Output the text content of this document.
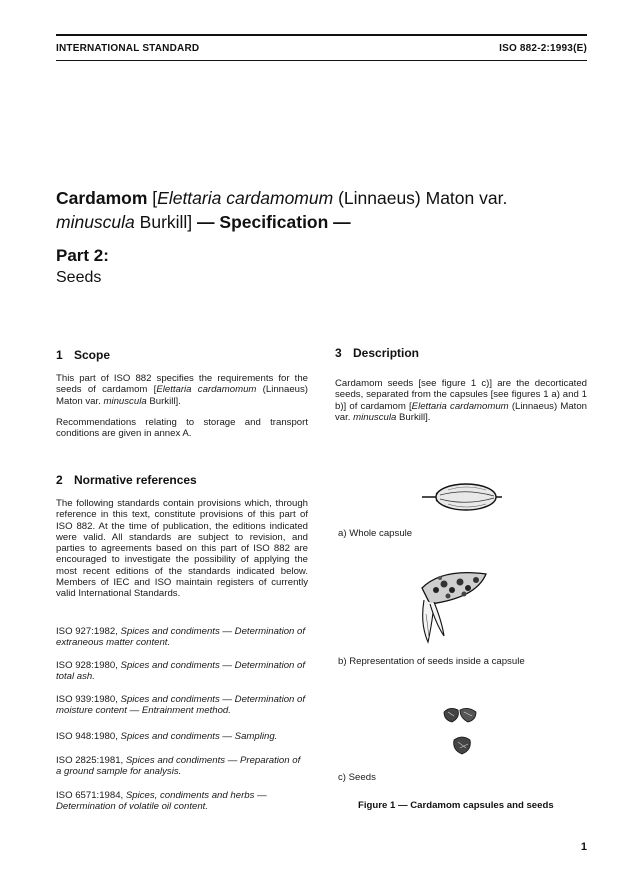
INTERNATIONAL STANDARD	ISO 882-2:1993(E)
Cardamom [Elettaria cardamomum (Linnaeus) Maton var.
minuscula Burkill] — Specification —
Part 2:
Seeds
1 Scope
This part of ISO 882 specifies the requirements for the seeds of cardamom [Elettaria cardamomum (Linnaeus) Maton var. minuscula Burkill].
Recommendations relating to storage and transport conditions are given in annex A.
2 Normative references
The following standards contain provisions which, through reference in this text, constitute provisions of this part of ISO 882. At the time of publication, the editions indicated were valid. All standards are subject to revision, and parties to agreements based on this part of ISO 882 are encouraged to investigate the possibility of applying the most recent editions of the standards indicated below. Members of IEC and ISO maintain registers of currently valid International Standards.
ISO 927:1982, Spices and condiments — Determination of extraneous matter content.
ISO 928:1980, Spices and condiments — Determination of total ash.
ISO 939:1980, Spices and condiments — Determination of moisture content — Entrainment method.
ISO 948:1980, Spices and condiments — Sampling.
ISO 2825:1981, Spices and condiments — Preparation of a ground sample for analysis.
ISO 6571:1984, Spices, condiments and herbs — Determination of volatile oil content.
3 Description
Cardamom seeds [see figure 1 c)] are the decorticated seeds, separated from the capsules [see figures 1 a) and 1 b)] of cardamom [Elettaria cardamomum (Linnaeus) Maton var. minuscula Burkill].
a) Whole capsule
b) Representation of seeds inside a capsule
c) Seeds
Figure 1 — Cardamom capsules and seeds
1
